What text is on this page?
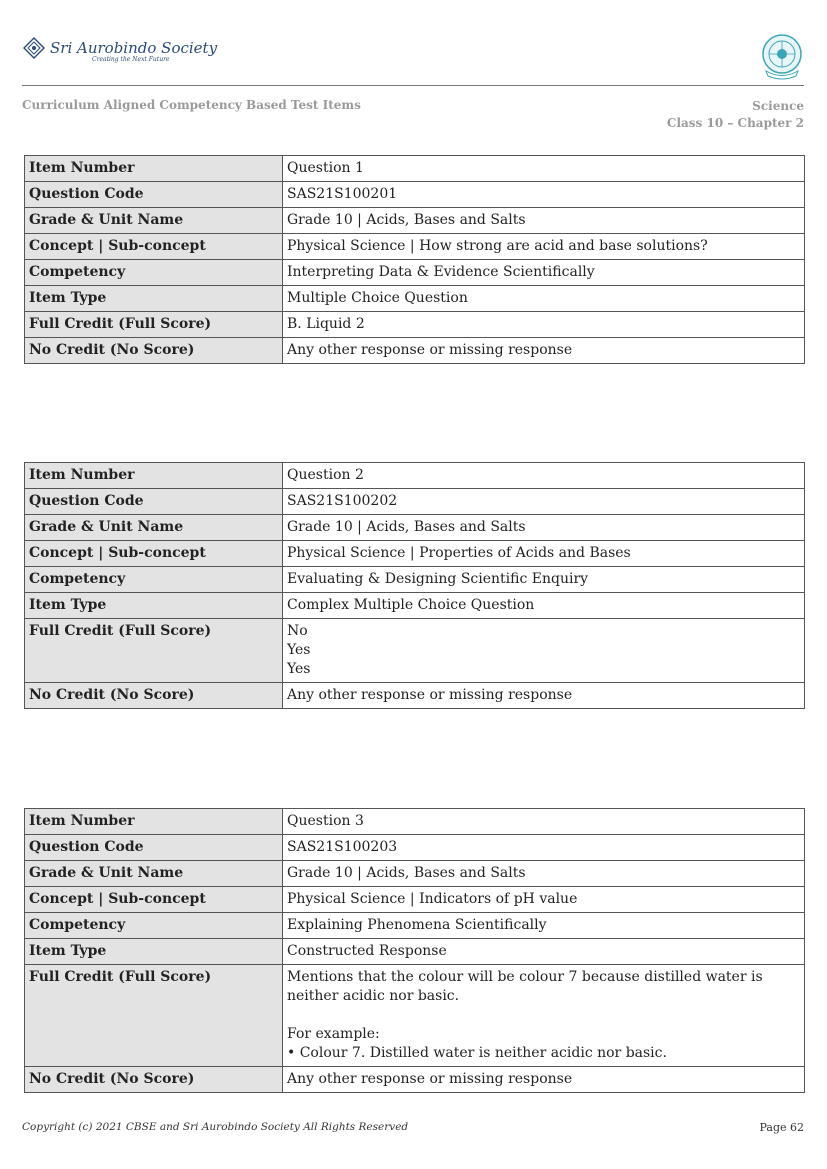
Sri Aurobindo Society
Creating the Next Future
Curriculum Aligned Competency Based Test Items	Science
Class 10 – Chapter 2
Item Number	Question 1

Question Code	SAS21S100201

Grade & Unit Name	Grade 10 | Acids, Bases and Salts

Concept | Sub-concept	Physical Science | How strong are acid and base solutions?

Competency	Interpreting Data & Evidence Scientifically

Item Type	Multiple Choice Question

Full Credit (Full Score)	B. Liquid 2

No Credit (No Score)	Any other response or missing response
Item Number	Question 2

Question Code	SAS21S100202

Grade & Unit Name	Grade 10 | Acids, Bases and Salts

Concept | Sub-concept	Physical Science | Properties of Acids and Bases

Competency	Evaluating & Designing Scientific Enquiry

Item Type	Complex Multiple Choice Question

Full Credit (Full Score)	No
Yes
Yes

No Credit (No Score)	Any other response or missing response
Item Number	Question 3

Question Code	SAS21S100203

Grade & Unit Name	Grade 10 | Acids, Bases and Salts

Concept | Sub-concept	Physical Science | Indicators of pH value

Competency	Explaining Phenomena Scientifically

Item Type	Constructed Response

Full Credit (Full Score)	Mentions that the colour will be colour 7 because distilled water is neither acidic nor basic.
For example:
• Colour 7. Distilled water is neither acidic nor basic.

No Credit (No Score)	Any other response or missing response
Copyright (c) 2021 CBSE and Sri Aurobindo Society All Rights Reserved	Page 62
